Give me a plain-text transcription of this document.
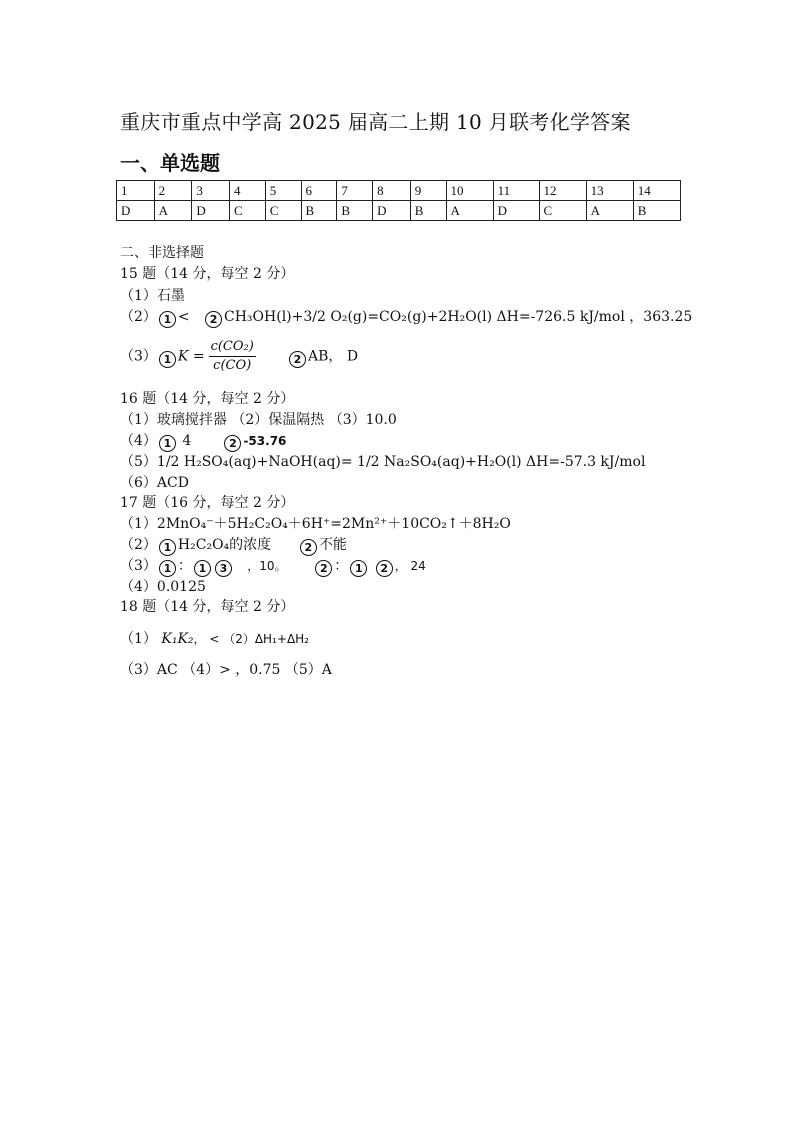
重庆市重点中学高 2025 届高二上期 10 月联考化学答案
一、单选题
1	2	3	4	5	6	7	8	9	10	11	12	13	14
D	A	D	C	C	B	B	D	B	A	D	C	A	B
二、非选择题
15 题（14 分，每空 2 分）
（1）石墨
（2） 1 < 2 CH₃OH(l)+3/2 O₂(g)=CO₂(g)+2H₂O(l) ΔH=-726.5 kJ/mol ，363.25
（3） 1 $K = \frac{\text{c(CO₂)}}{c(CO)}$	2 AB， D
16 题（14 分，每空 2 分）
（1）玻璃搅拌器 （2）保温隔热 （3）10.0
（4） 1 4	2 -53.76
（5）1/2 H₂SO₄(aq)+NaOH(aq)= 1/2 Na₂SO₄(aq)+H₂O(l) ΔH=-57.3 kJ/mol
（6）ACD
17 题（16 分，每空 2 分）
（1）2MnO₄⁻＋5H₂C₂O₄＋6H⁺=2Mn²⁺＋10CO₂↑＋8H₂O
（2） 1 H₂C₂O₄的浓度	2 不能
（3） 1 ： 1 3 ，10。	2 ： 1 2 ， 24
（4）0.0125
18 题（14 分，每空 2 分）
（1） K₁K₂， < （2）ΔH₁+ΔH₂
（3）AC （4）> ，0.75 （5）A
